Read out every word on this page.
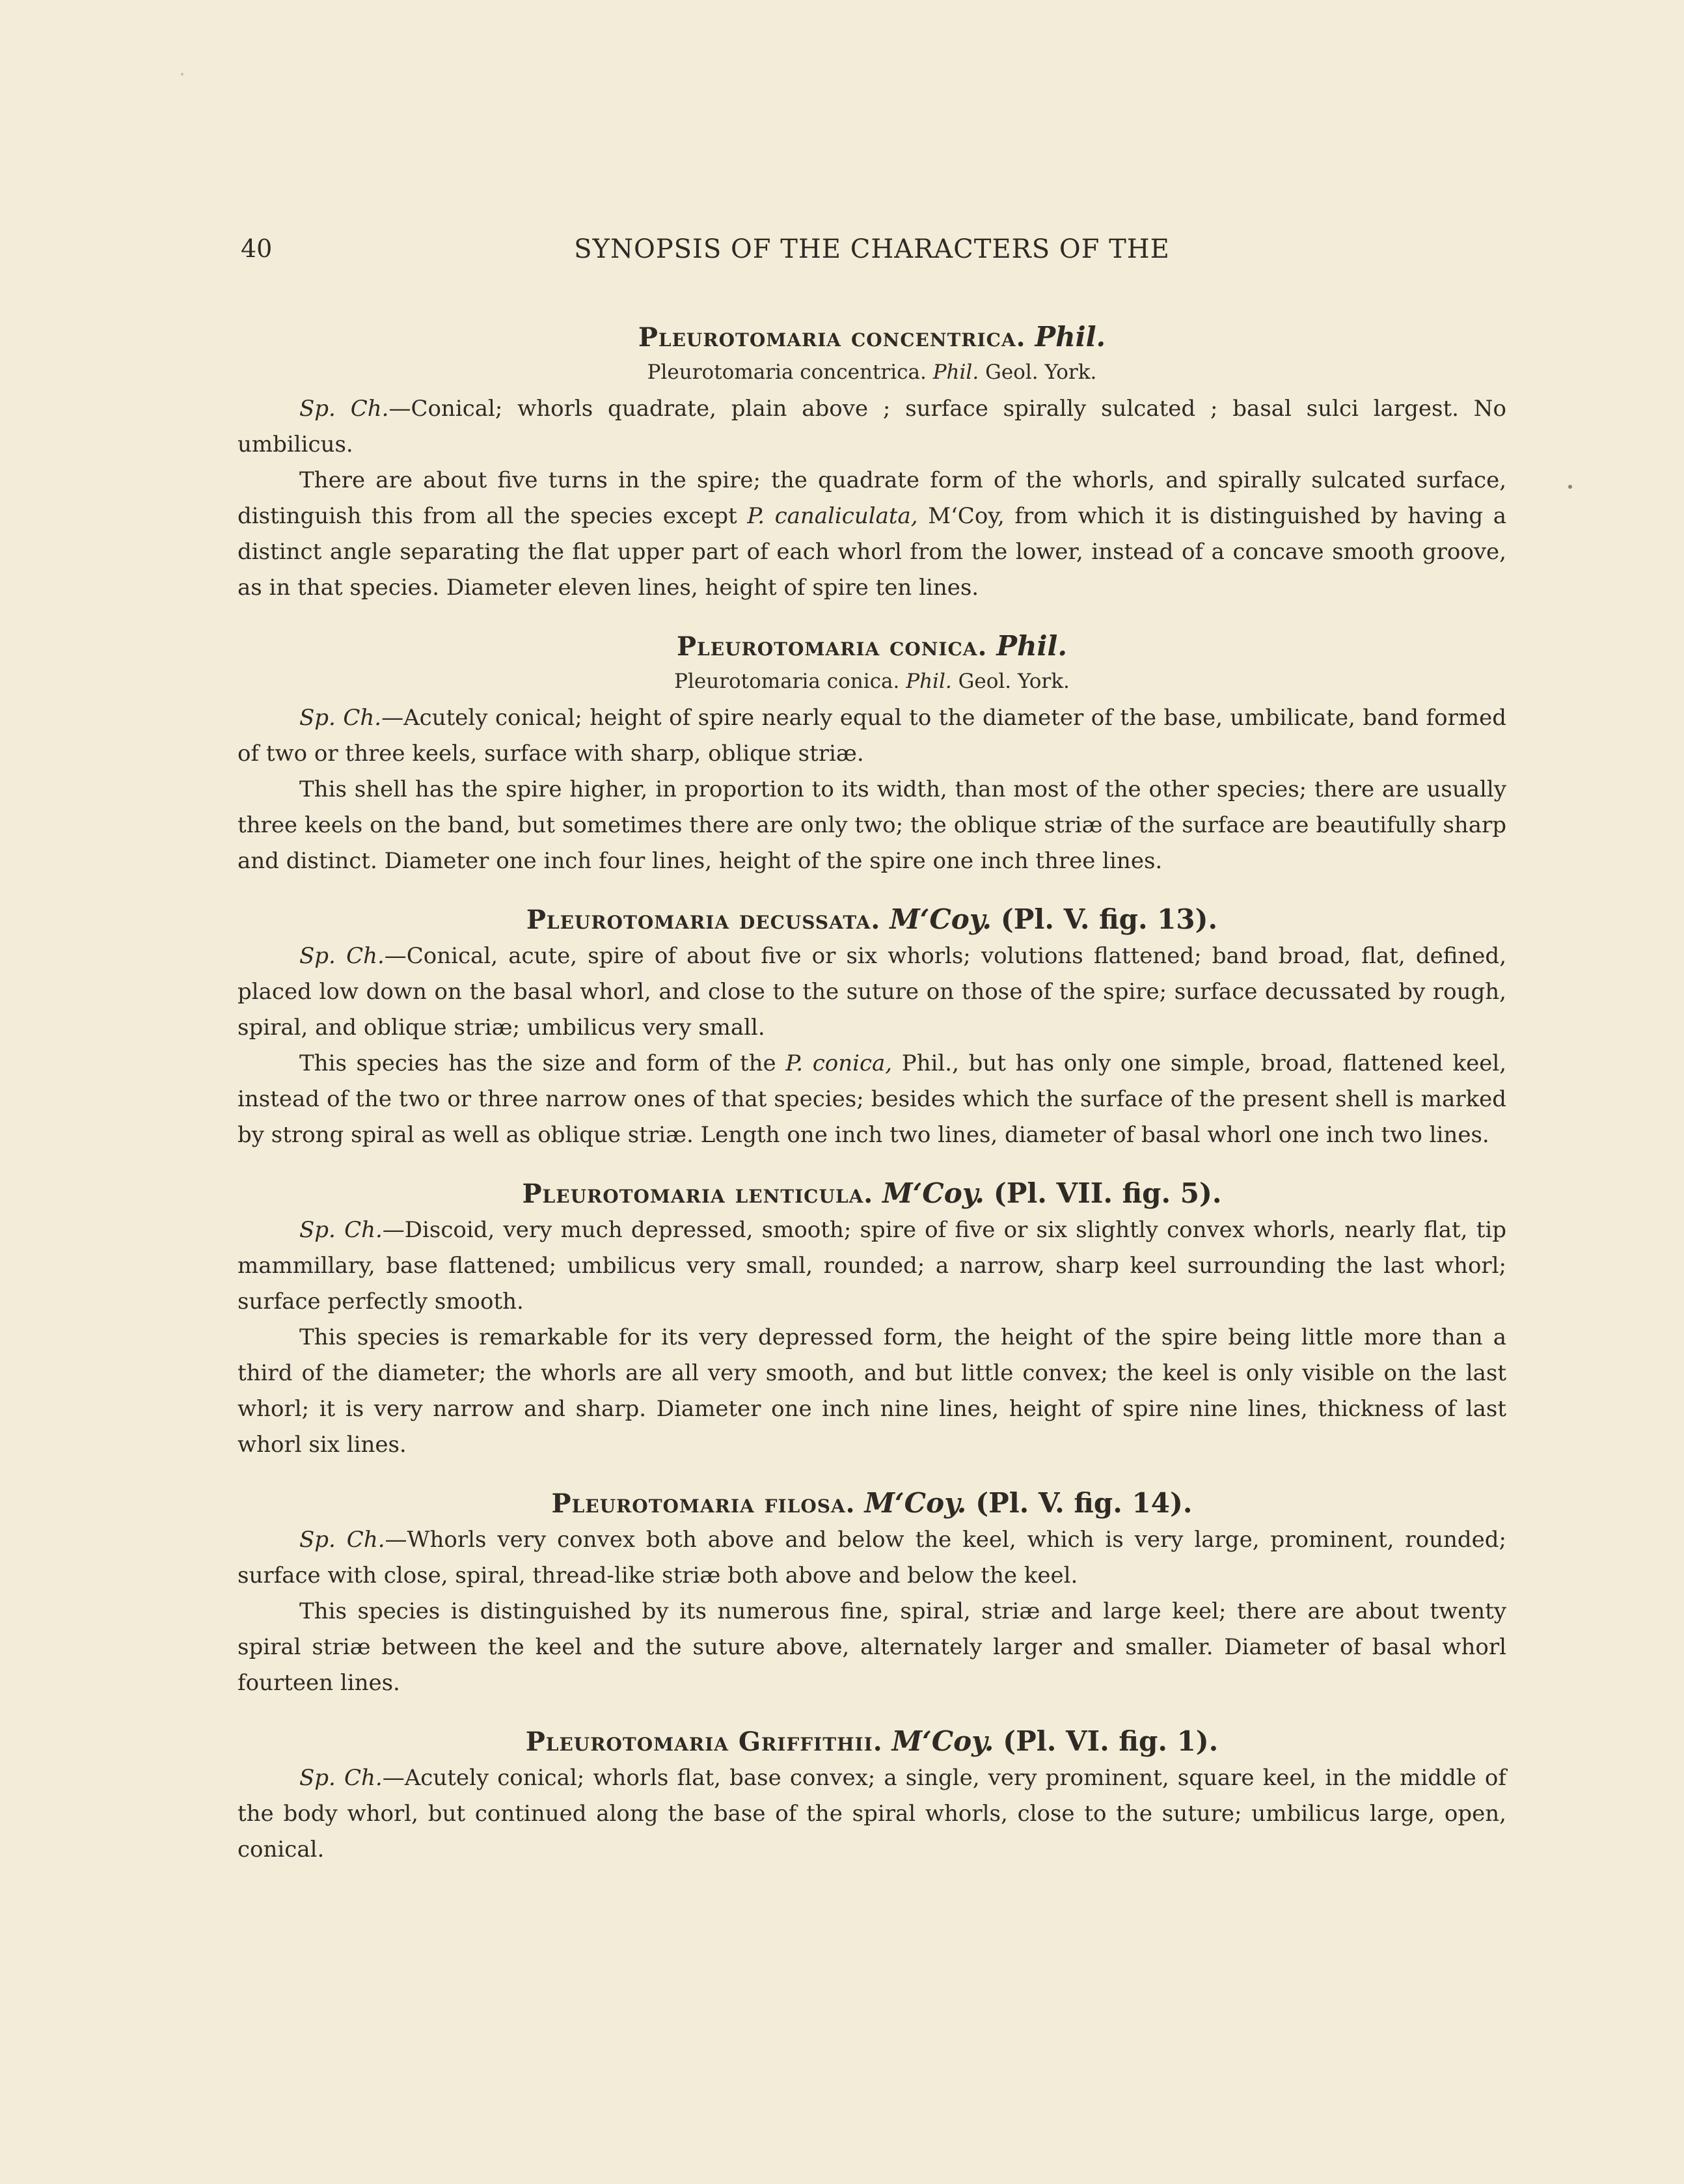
40	SYNOPSIS OF THE CHARACTERS OF THE
Pleurotomaria concentrica. Phil.
Pleurotomaria concentrica. Phil. Geol. York.

Sp. Ch.—Conical; whorls quadrate, plain above ; surface spirally sulcated ; basal sulci largest. No umbilicus.

There are about five turns in the spire; the quadrate form of the whorls, and spirally sulcated surface, distinguish this from all the species except P. canaliculata, M‘Coy, from which it is distinguished by having a distinct angle separating the flat upper part of each whorl from the lower, instead of a concave smooth groove, as in that species. Diameter eleven lines, height of spire ten lines.

Pleurotomaria conica. Phil.
Pleurotomaria conica. Phil. Geol. York.

Sp. Ch.—Acutely conical; height of spire nearly equal to the diameter of the base, umbilicate, band formed of two or three keels, surface with sharp, oblique striæ.

This shell has the spire higher, in proportion to its width, than most of the other species; there are usually three keels on the band, but sometimes there are only two; the oblique striæ of the surface are beautifully sharp and distinct. Diameter one inch four lines, height of the spire one inch three lines.

Pleurotomaria decussata. M‘Coy. (Pl. V. fig. 13).

Sp. Ch.—Conical, acute, spire of about five or six whorls; volutions flattened; band broad, flat, defined, placed low down on the basal whorl, and close to the suture on those of the spire; surface decussated by rough, spiral, and oblique striæ; umbilicus very small.

This species has the size and form of the P. conica, Phil., but has only one simple, broad, flattened keel, instead of the two or three narrow ones of that species; besides which the surface of the present shell is marked by strong spiral as well as oblique striæ. Length one inch two lines, diameter of basal whorl one inch two lines.

Pleurotomaria lenticula. M‘Coy. (Pl. VII. fig. 5).

Sp. Ch.—Discoid, very much depressed, smooth; spire of five or six slightly convex whorls, nearly flat, tip mammillary, base flattened; umbilicus very small, rounded; a narrow, sharp keel surrounding the last whorl; surface perfectly smooth.

This species is remarkable for its very depressed form, the height of the spire being little more than a third of the diameter; the whorls are all very smooth, and but little convex; the keel is only visible on the last whorl; it is very narrow and sharp. Diameter one inch nine lines, height of spire nine lines, thickness of last whorl six lines.

Pleurotomaria filosa. M‘Coy. (Pl. V. fig. 14).

Sp. Ch.—Whorls very convex both above and below the keel, which is very large, prominent, rounded; surface with close, spiral, thread-like striæ both above and below the keel.

This species is distinguished by its numerous fine, spiral, striæ and large keel; there are about twenty spiral striæ between the keel and the suture above, alternately larger and smaller. Diameter of basal whorl fourteen lines.

Pleurotomaria Griffithii. M‘Coy. (Pl. VI. fig. 1).

Sp. Ch.—Acutely conical; whorls flat, base convex; a single, very prominent, square keel, in the middle of the body whorl, but continued along the base of the spiral whorls, close to the suture; umbilicus large, open, conical.
